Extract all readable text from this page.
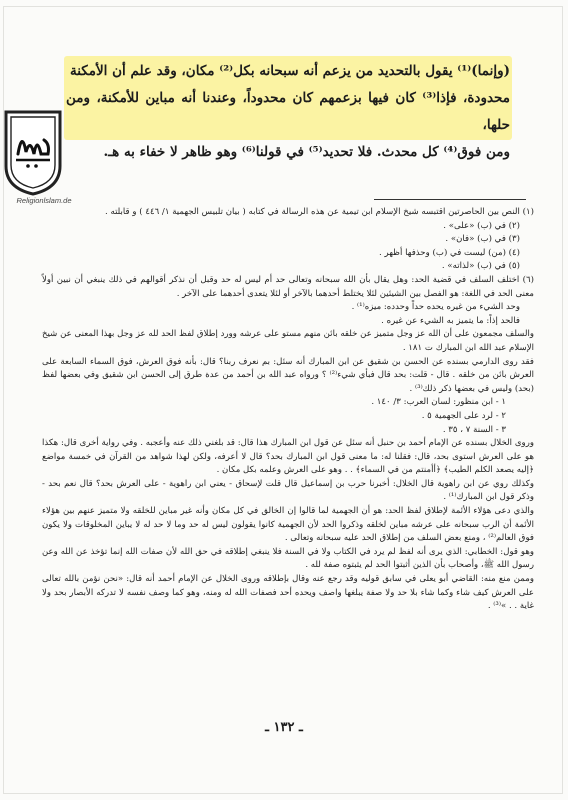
(وإنما)⁽¹⁾ يقول بالتحديد من يزعم أنه سبحانه بكل⁽²⁾ مكان، وقد علم أن الأمكنة

محدودة، فإذا⁽³⁾ كان فيها بزعمهم كان محدوداً، وعندنا أنه مباين للأمكنة، ومن حلها،

ومن فوق⁽⁴⁾ كل محدث. فلا تحديد⁽⁵⁾ في قولنا⁽⁶⁾ وهو ظاهر لا خفاء به هـ.

Religionlslam.de

(١) النص بين الحاصرتين اقتبسه شيخ الإسلام ابن تيمية عن هذه الرسالة في كتابه ( بيان تلبيس الجهمية ١/ ٤٤٦ ) و قابلته .

(٢) في (ب) «على» .

(٣) في (ب) «فان» .

(٤) (من) ليست في (ب) وحذفها أظهر .

(٥) في (ب) «لذاته» .

(٦) اختلف السلف في قضية الحد: وهل يقال بأن الله سبحانه وتعالى حد أم ليس له حد وقبل أن نذكر أقوالهم في ذلك ينبغي أن نبين أولاً معنى الحد في اللغة: هو الفصل بين الشيئين لئلا يختلط أحدهما بالآخر أو لئلا يتعدى أحدهما على الآخر .

وحد الشيء من غيره يحده حداً وحدده: ميزه⁽¹⁾ .

فالحد إذاً: ما يتميز به الشيء عن غيره .

والسلف مجمعون على أن الله عز وجل متميز عن خلقه بائن منهم مستو على عرشه وورد إطلاق لفظ الحد لله عز وجل بهذا المعنى عن شيخ الإسلام عبد الله ابن المبارك ت ١٨١ .

فقد روى الدارمي بسنده عن الحسن بن شقيق عن ابن المبارك أنه سئل: بم نعرف ربنا؟ قال: بأنه فوق العرش، فوق السماء السابعة على العرش بائن من خلقه . قال - قلت: بحد قال فبأي شيء⁽²⁾ ؟ ورواه عبد الله بن أحمد من عدة طرق إلى الحسن ابن شقيق وفي بعضها لفظ (بحد) وليس في بعضها ذكر ذلك⁽³⁾ .

١ - ابن منظور: لسان العرب: ٣/ ١٤٠ .

٢ - لرد على الجهمية ٥ .

٣ - السنة ٧ ، ٣٥ .

وروى الخلال بسنده عن الإمام أحمد بن حنبل أنه سئل عن قول ابن المبارك هذا قال: قد بلغني ذلك عنه وأعجبه . وفي رواية أخرى قال: هكذا هو على العرش استوى بحد، قال: فقلنا له: ما معنى قول ابن المبارك بحد؟ قال لا أعرفه، ولكن لهذا شواهد من القرآن في خمسة مواضع ﴿إليه يصعد الكلم الطيب﴾ ﴿أأمنتم من في السماء﴾ . . وهو على العرش وعلمه بكل مكان .

وكذلك روي عن ابن راهوية قال الخلال: أخبرنا حرب بن إسماعيل قال قلت لإسحاق - يعني ابن راهوية - على العرش بحد؟ قال نعم بحد - وذكر قول ابن المبارك⁽¹⁾ .

والذي دعى هؤلاء الأئمة لإطلاق لفظ الحد: هو أن الجهمية لما قالوا إن الخالق في كل مكان وأنه غير مباين للخلقه ولا متميز عنهم بين هؤلاء الأئمة أن الرب سبحانه على عرشه مباين لخلقه وذكروا الحد لأن الجهمية كانوا يقولون ليس له حد وما لا حد له لا يباين المخلوقات ولا يكون فوق العالم⁽²⁾ ، ومنع بعض السلف من إطلاق الحد عليه سبحانه وتعالى .

وهو قول: الخطابي: الذي يرى أنه لفظ لم يرد في الكتاب ولا في السنة فلا ينبغي إطلاقه في حق الله لأن صفات الله إنما تؤخذ عن الله وعن رسول الله ﷺ، وأصحاب بأن الذين أثبتوا الحد لم يثبتوه صفة لله .

وممن منع منه: القاضي أبو يعلى في سابق قوليه وقد رجع عنه وقال بإطلاقه وروى الخلال عن الإمام أحمد أنه قال: «نحن نؤمن بالله تعالى على العرش كيف شاء وكما شاء بلا حد ولا صفة يبلغها واصف ويحده أحد فصفات الله له ومنه، وهو كما وصف نفسه لا تدركه الأبصار بحد ولا غاية . . »⁽³⁾ .

ـ ١٣٢ ـ
